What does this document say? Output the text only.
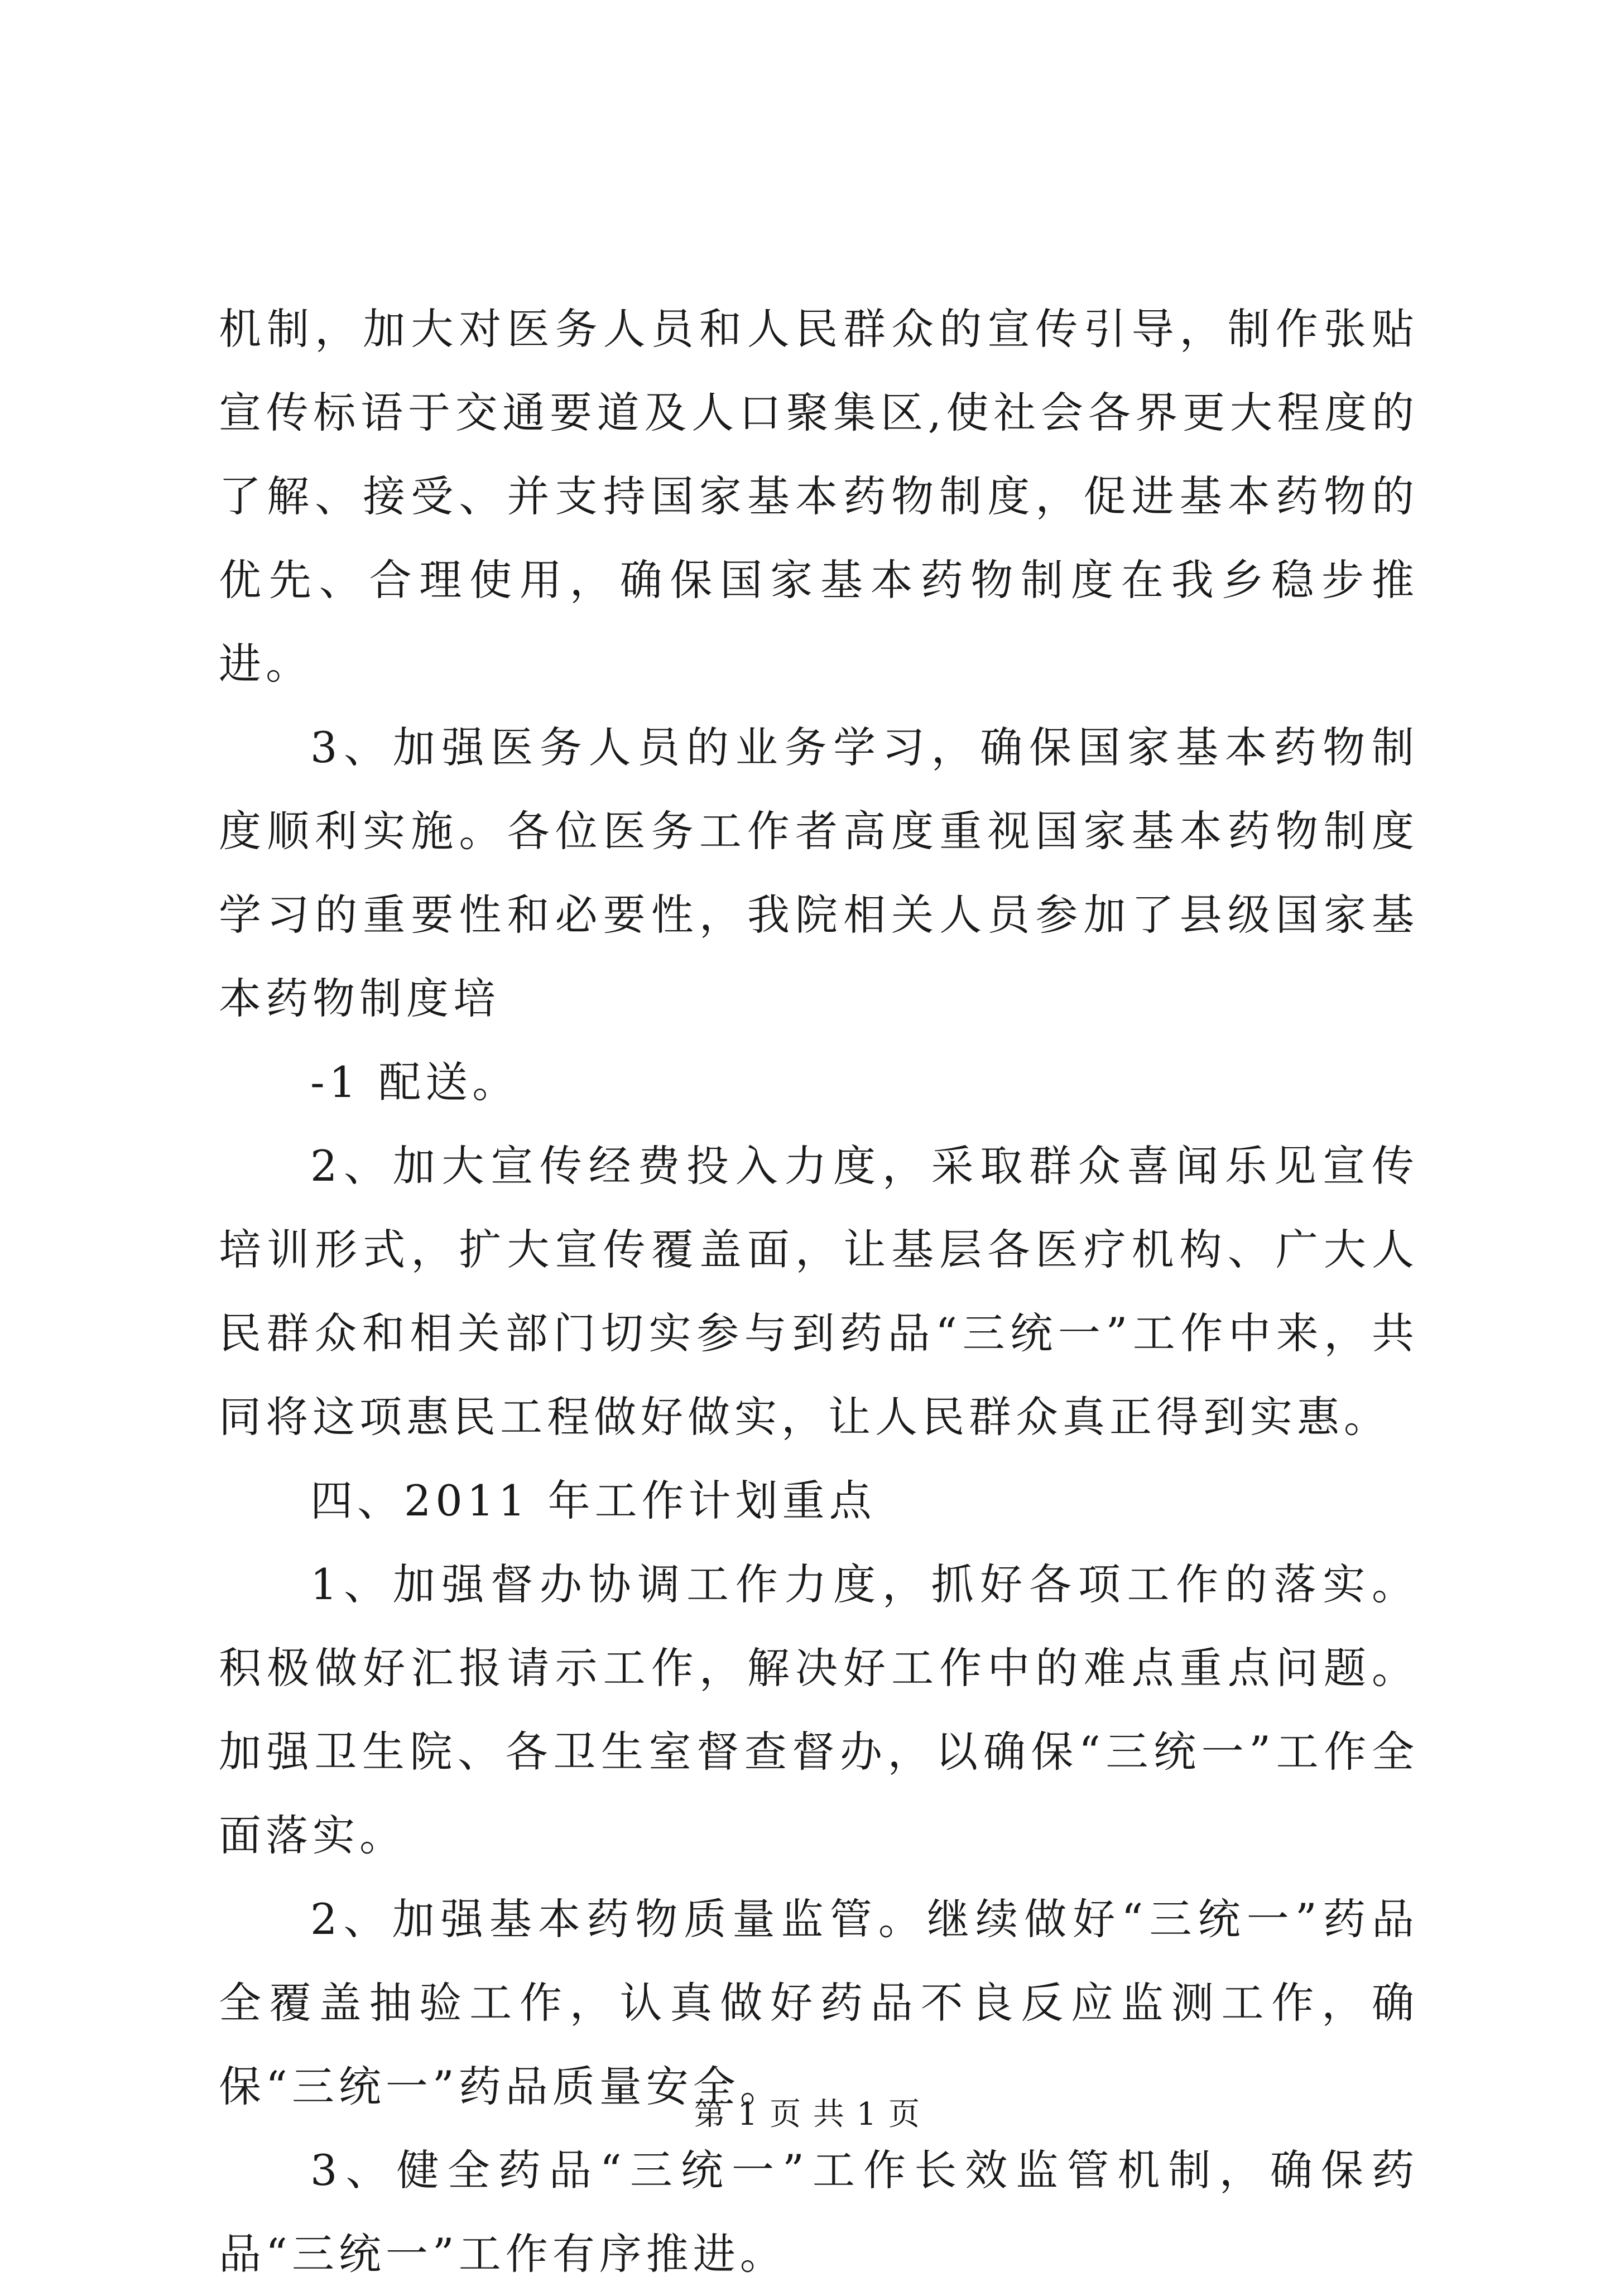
机制，加大对医务人员和人民群众的宣传引导，制作张贴宣传标语于交通要道及人口聚集区,使社会各界更大程度的了解、接受、并支持国家基本药物制度，促进基本药物的优先、合理使用，确保国家基本药物制度在我乡稳步推进。

3、加强医务人员的业务学习，确保国家基本药物制度顺利实施。各位医务工作者高度重视国家基本药物制度学习的重要性和必要性，我院相关人员参加了县级国家基本药物制度培

-1 配送。

2、加大宣传经费投入力度，采取群众喜闻乐见宣传培训形式，扩大宣传覆盖面，让基层各医疗机构、广大人民群众和相关部门切实参与到药品“三统一”工作中来，共同将这项惠民工程做好做实，让人民群众真正得到实惠。

四、2011 年工作计划重点

1、加强督办协调工作力度，抓好各项工作的落实。积极做好汇报请示工作，解决好工作中的难点重点问题。加强卫生院、各卫生室督查督办，以确保“三统一”工作全面落实。

2、加强基本药物质量监管。继续做好“三统一”药品全覆盖抽验工作，认真做好药品不良反应监测工作，确保“三统一”药品质量安全。

3、健全药品“三统一”工作长效监管机制，确保药品“三统一”工作有序推进。

第 1 页 共 1 页
